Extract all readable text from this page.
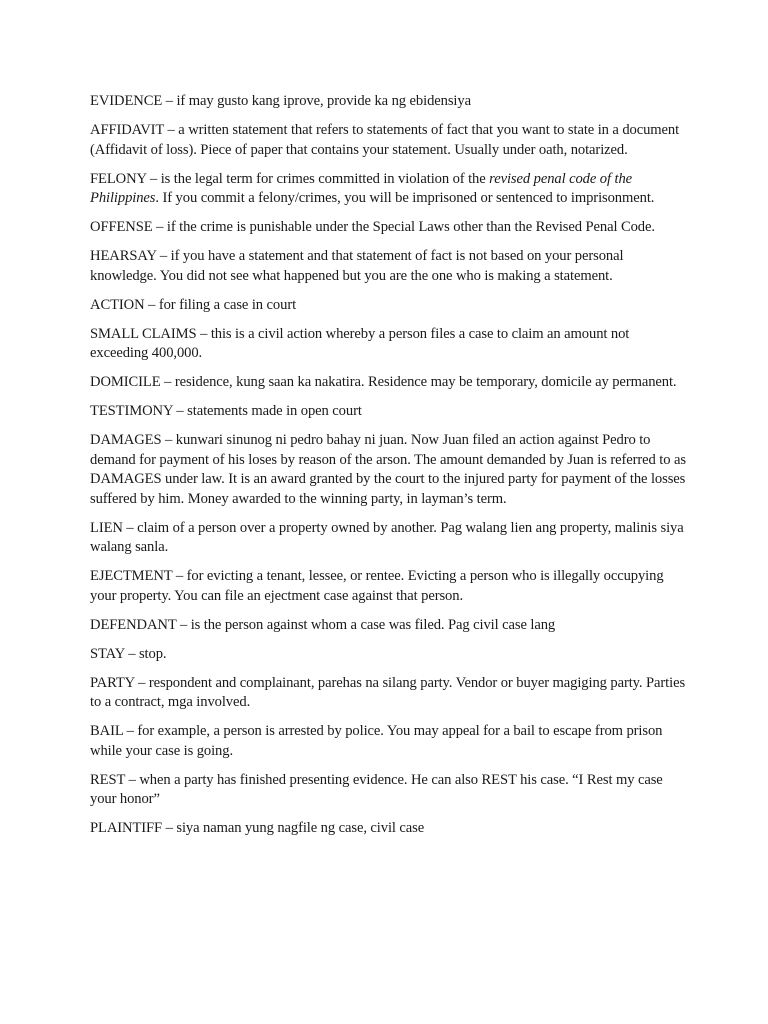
EVIDENCE – if may gusto kang iprove, provide ka ng ebidensiya

AFFIDAVIT – a written statement that refers to statements of fact that you want to state in a document (Affidavit of loss). Piece of paper that contains your statement. Usually under oath, notarized.

FELONY – is the legal term for crimes committed in violation of the revised penal code of the Philippines. If you commit a felony/crimes, you will be imprisoned or sentenced to imprisonment.

OFFENSE – if the crime is punishable under the Special Laws other than the Revised Penal Code.

HEARSAY – if you have a statement and that statement of fact is not based on your personal knowledge. You did not see what happened but you are the one who is making a statement.

ACTION – for filing a case in court

SMALL CLAIMS – this is a civil action whereby a person files a case to claim an amount not exceeding 400,000.

DOMICILE – residence, kung saan ka nakatira. Residence may be temporary, domicile ay permanent.

TESTIMONY – statements made in open court

DAMAGES – kunwari sinunog ni pedro bahay ni juan. Now Juan filed an action against Pedro to demand for payment of his loses by reason of the arson. The amount demanded by Juan is referred to as DAMAGES under law. It is an award granted by the court to the injured party for payment of the losses suffered by him. Money awarded to the winning party, in layman’s term.

LIEN – claim of a person over a property owned by another. Pag walang lien ang property, malinis siya walang sanla.

EJECTMENT – for evicting a tenant, lessee, or rentee. Evicting a person who is illegally occupying your property. You can file an ejectment case against that person.

DEFENDANT – is the person against whom a case was filed. Pag civil case lang

STAY – stop.

PARTY – respondent and complainant, parehas na silang party. Vendor or buyer magiging party. Parties to a contract, mga involved.

BAIL – for example, a person is arrested by police. You may appeal for a bail to escape from prison while your case is going.

REST – when a party has finished presenting evidence. He can also REST his case. “I Rest my case your honor”

PLAINTIFF – siya naman yung nagfile ng case, civil case
